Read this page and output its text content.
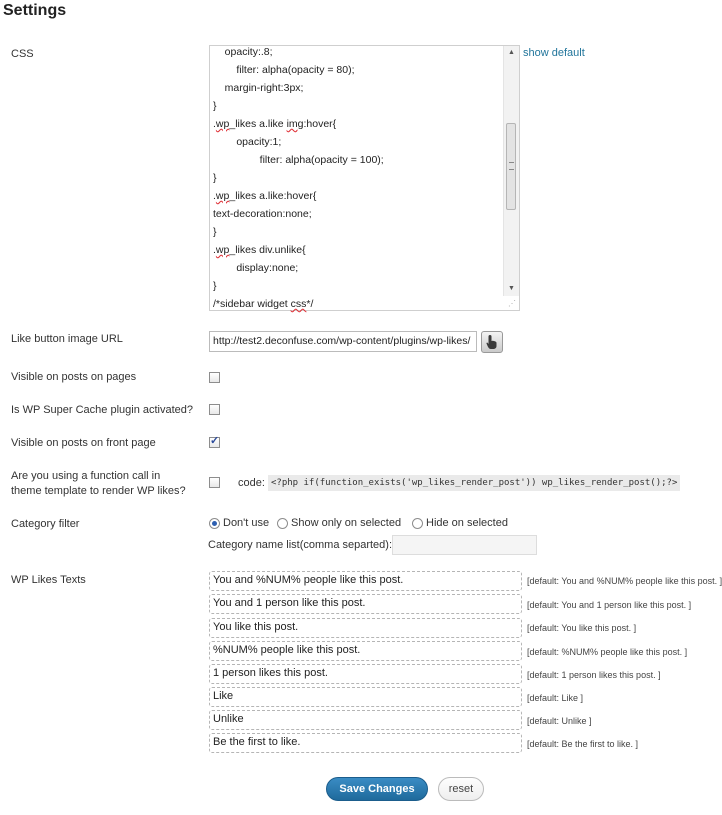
Settings
CSS	opacity:.8;
filter: alpha(opacity = 80);
margin-right:3px;
}
.wp_likes a.like img:hover{
opacity:1;
filter: alpha(opacity = 100);
}
.wp_likes a.like:hover{
text-decoration:none;
}
.wp_likes div.unlike{
display:none;
}
/*sidebar widget css*/
▲
▼
⋰
show default
Like button image URL	http://test2.deconfuse.com/wp-content/plugins/wp-likes/
Visible on posts on pages
Is WP Super Cache plugin activated?
Visible on posts on front page
✓
Are you using a function call in
theme template to render WP likes?
code: <?php if(function_exists('wp_likes_render_post')) wp_likes_render_post();?>
Category filter	Don't use Show only on selected Hide on selected
Category name list(comma separted):
WP Likes Texts	You and %NUM% people like this post.	[default: You and %NUM% people like this post. ]
You and 1 person like this post.	[default: You and 1 person like this post. ]
You like this post.	[default: You like this post. ]
%NUM% people like this post.	[default: %NUM% people like this post. ]
1 person likes this post.	[default: 1 person likes this post. ]
Like	[default: Like ]
Unlike	[default: Unlike ]
Be the first to like.	[default: Be the first to like. ]
Save Changes	reset
